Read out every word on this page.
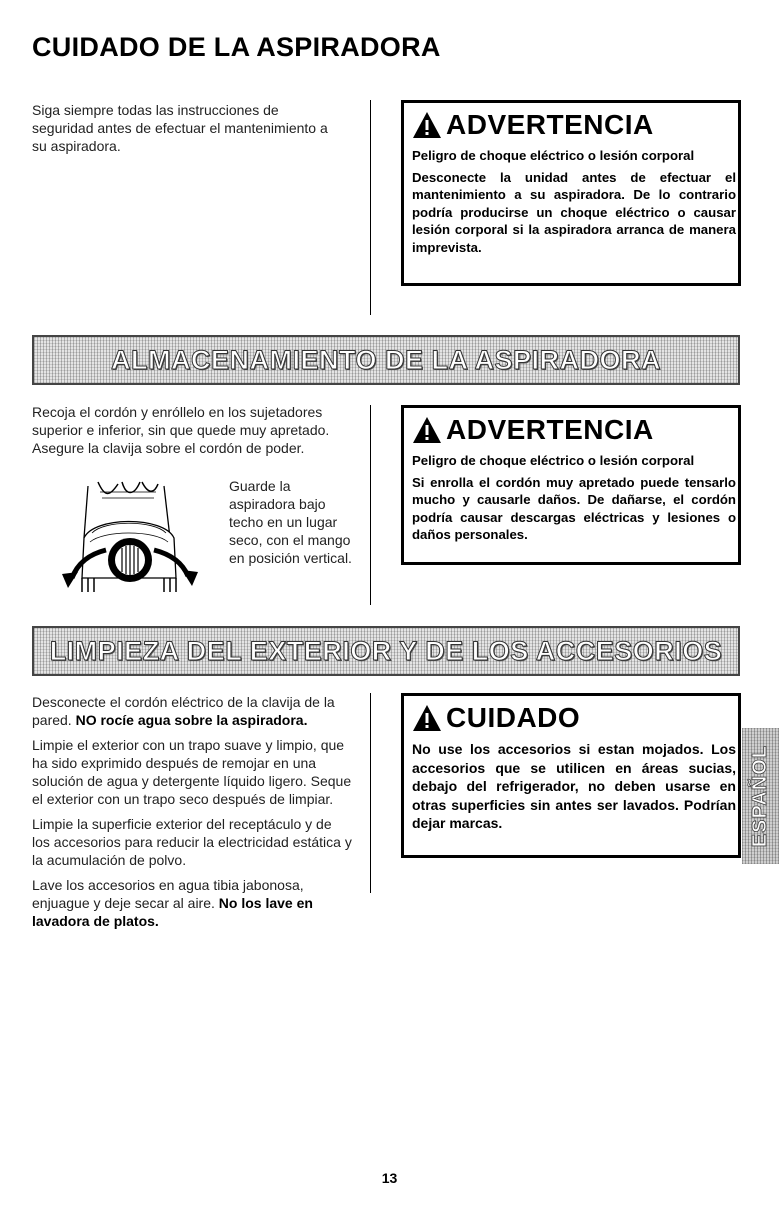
CUIDADO DE LA ASPIRADORA

Siga siempre todas las instrucciones de seguridad antes de efectuar el mantenimiento a su aspiradora.

ADVERTENCIA

Peligro de choque eléctrico o lesión corporal

Desconecte la unidad antes de efectuar el mantenimiento a su aspiradora. De lo contrario podría producirse un choque eléctrico o causar lesión corporal si la aspiradora arranca de manera imprevista.

ALMACENAMIENTO DE LA ASPIRADORA

Recoja el cordón y enróllelo en los sujetadores superior e inferior, sin que quede muy apretado. Asegure la clavija sobre el cordón de poder.

Guarde la aspiradora bajo techo en un lugar seco, con el mango en posición vertical.

ADVERTENCIA

Peligro de choque eléctrico o lesión corporal

Si enrolla el cordón muy apretado puede tensarlo mucho y causarle daños. De dañarse, el cordón podría causar descargas eléctricas y lesiones o daños personales.

LIMPIEZA DEL EXTERIOR Y DE LOS ACCESORIOS

Desconecte el cordón eléctrico de la clavija de la pared. NO rocíe agua sobre la aspiradora.

Limpie el exterior con un trapo suave y limpio, que ha sido exprimido después de remojar en una solución de agua y detergente líquido ligero. Seque el exterior con un trapo seco después de limpiar.

Limpie la superficie exterior del receptáculo y de los accesorios para reducir la electricidad estática y la acumulación de polvo.

Lave los accesorios en agua tibia jabonosa, enjuague y deje secar al aire. No los lave en lavadora de platos.

CUIDADO

No use los accesorios si estan mojados. Los accesorios que se utilicen en áreas sucias, debajo del refrigerador, no deben usarse en otras superficies sin antes ser lavados. Podrían dejar marcas.	ESPAÑOL
13
